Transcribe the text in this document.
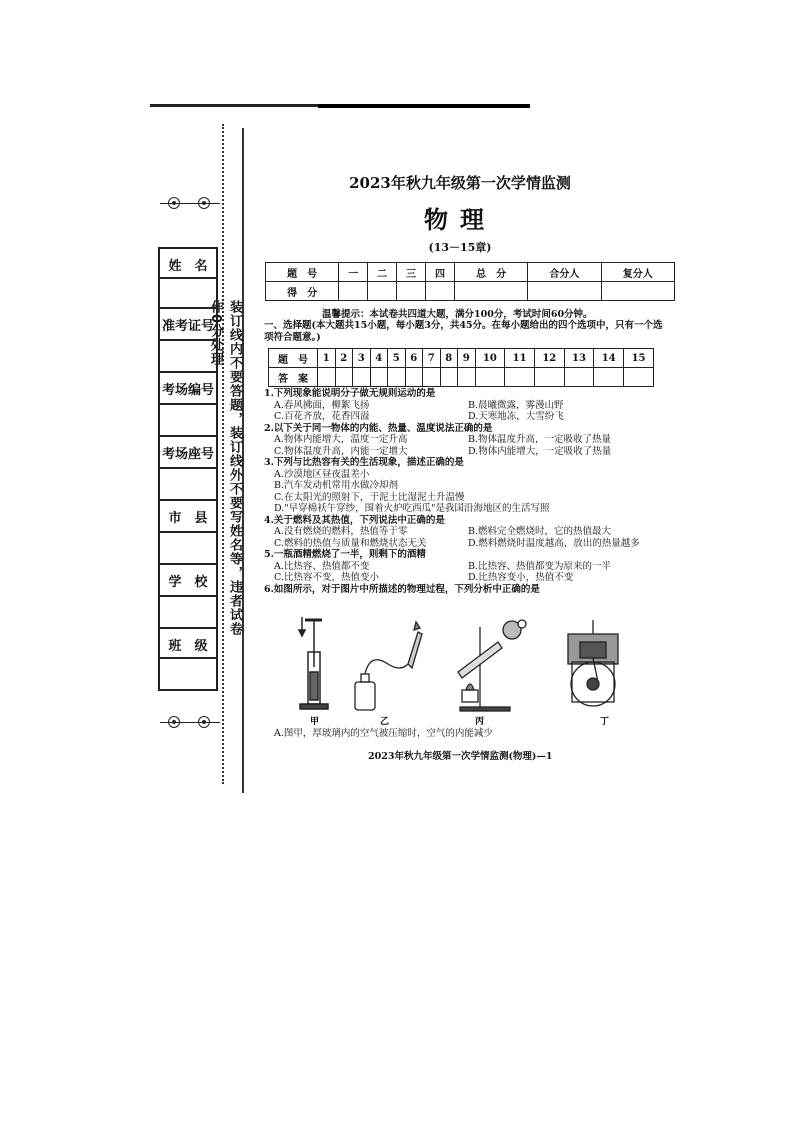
装订线内不要答题，装订线外不要写姓名等，违者试卷作0分处理
姓　名
准考证号
考场编号
考场座号
市　县
学　校
班　级
2023年秋九年级第一次学情监测
物理
(13－15章)
题　号	一	二	三	四	总　分	合分人	复分人
得　分							
温馨提示：本试卷共四道大题，满分100分，考试时间60分钟。
一、选择题(本大题共15小题，每小题3分，共45分。在每小题给出的四个选项中，只有一个选项符合题意。)
题　号	1	2	3	4	5	6	7	8	9	10	11	12	13	14	15
答　案															
1.下列现象能说明分子做无规则运动的是
A.春风拂面，柳絮飞扬	B.晨曦微露，雾漫山野
C.百花齐放，花香四溢	D.天寒地冻，大雪纷飞
2.以下关于同一物体的内能、热量、温度说法正确的是
A.物体内能增大，温度一定升高	B.物体温度升高，一定吸收了热量
C.物体温度升高，内能一定增大	D.物体内能增大，一定吸收了热量
3.下列与比热容有关的生活现象，描述正确的是
A.沙漠地区昼夜温差小
B.汽车发动机常用水做冷却剂
C.在太阳光的照射下，干泥土比湿泥土升温慢
D."早穿棉袄午穿纱，围着火炉吃西瓜"是我国沿海地区的生活写照
4.关于燃料及其热值，下列说法中正确的是
A.没有燃烧的燃料，热值等于零	B.燃料完全燃烧时，它的热值最大
C.燃料的热值与质量和燃烧状态无关	D.燃料燃烧时温度越高，放出的热量越多
5.一瓶酒精燃烧了一半，则剩下的酒精
A.比热容、热值都不变	B.比热容、热值都变为原来的一半
C.比热容不变，热值变小	D.比热容变小，热值不变
6.如图所示，对于图片中所描述的物理过程，下列分析中正确的是
甲	乙	丙	丁
A.图甲，厚玻璃内的空气被压缩时，空气的内能减少
2023年秋九年级第一次学情监测(物理)—1
